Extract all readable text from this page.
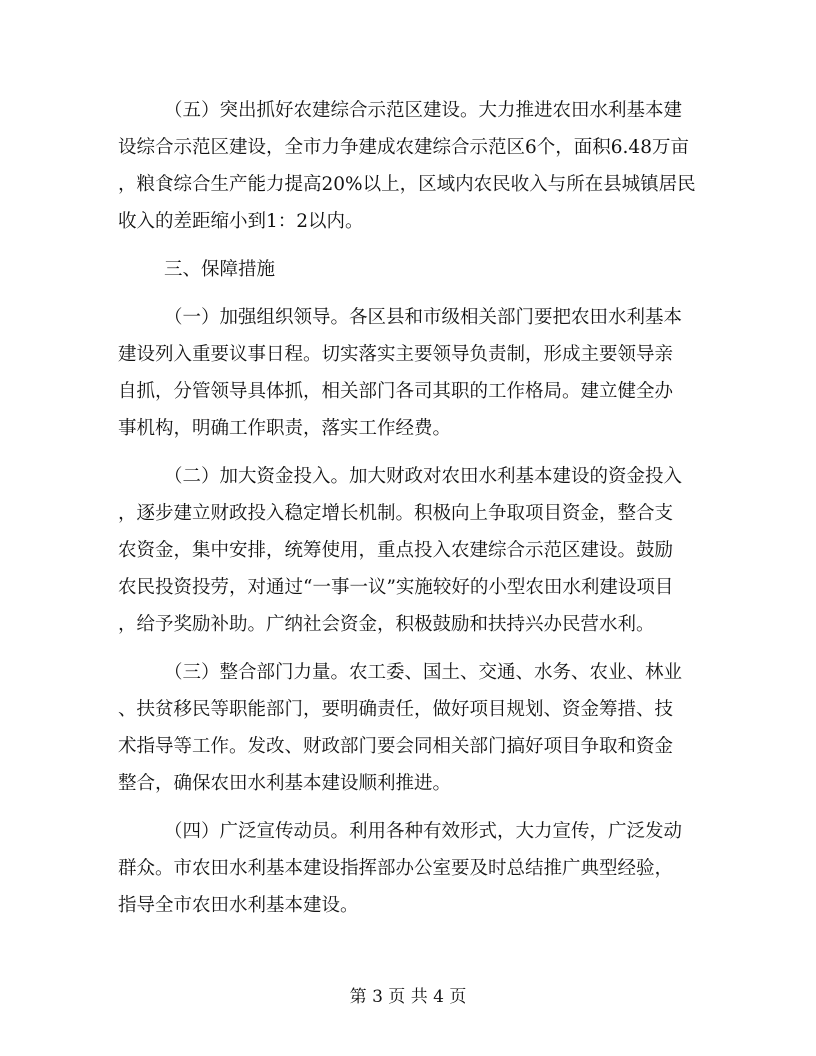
（五）突出抓好农建综合示范区建设。大力推进农田水利基本建
设综合示范区建设，全市力争建成农建综合示范区6个，面积6.48万亩
，粮食综合生产能力提高20%以上，区域内农民收入与所在县城镇居民
收入的差距缩小到1：2以内。

三、保障措施

（一）加强组织领导。各区县和市级相关部门要把农田水利基本
建设列入重要议事日程。切实落实主要领导负责制，形成主要领导亲
自抓，分管领导具体抓，相关部门各司其职的工作格局。建立健全办
事机构，明确工作职责，落实工作经费。

（二）加大资金投入。加大财政对农田水利基本建设的资金投入
，逐步建立财政投入稳定增长机制。积极向上争取项目资金，整合支
农资金，集中安排，统筹使用，重点投入农建综合示范区建设。鼓励
农民投资投劳，对通过“一事一议”实施较好的小型农田水利建设项目
，给予奖励补助。广纳社会资金，积极鼓励和扶持兴办民营水利。

（三）整合部门力量。农工委、国土、交通、水务、农业、林业
、扶贫移民等职能部门，要明确责任，做好项目规划、资金筹措、技
术指导等工作。发改、财政部门要会同相关部门搞好项目争取和资金
整合，确保农田水利基本建设顺利推进。

（四）广泛宣传动员。利用各种有效形式，大力宣传，广泛发动
群众。市农田水利基本建设指挥部办公室要及时总结推广典型经验，
指导全市农田水利基本建设。

第 3 页 共 4 页
